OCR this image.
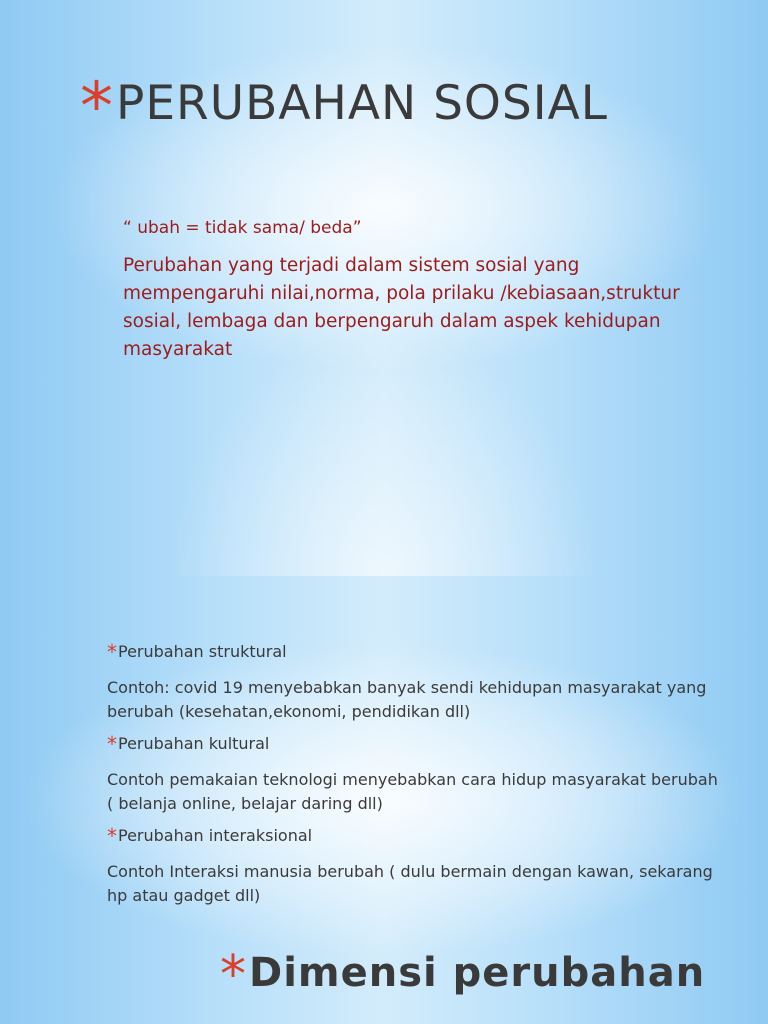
*PERUBAHAN SOSIAL

“ ubah = tidak sama/ beda”

Perubahan yang terjadi dalam sistem sosial yang mempengaruhi nilai,norma, pola prilaku /kebiasaan,struktur sosial, lembaga dan berpengaruh dalam aspek kehidupan masyarakat

*Perubahan struktural

Contoh: covid 19 menyebabkan banyak sendi kehidupan masyarakat yang berubah (kesehatan,ekonomi, pendidikan dll)

*Perubahan kultural

Contoh pemakaian teknologi menyebabkan cara hidup masyarakat berubah ( belanja online, belajar daring dll)

*Perubahan interaksional

Contoh Interaksi manusia berubah ( dulu bermain dengan kawan, sekarang hp atau gadget dll)

*Dimensi perubahan
